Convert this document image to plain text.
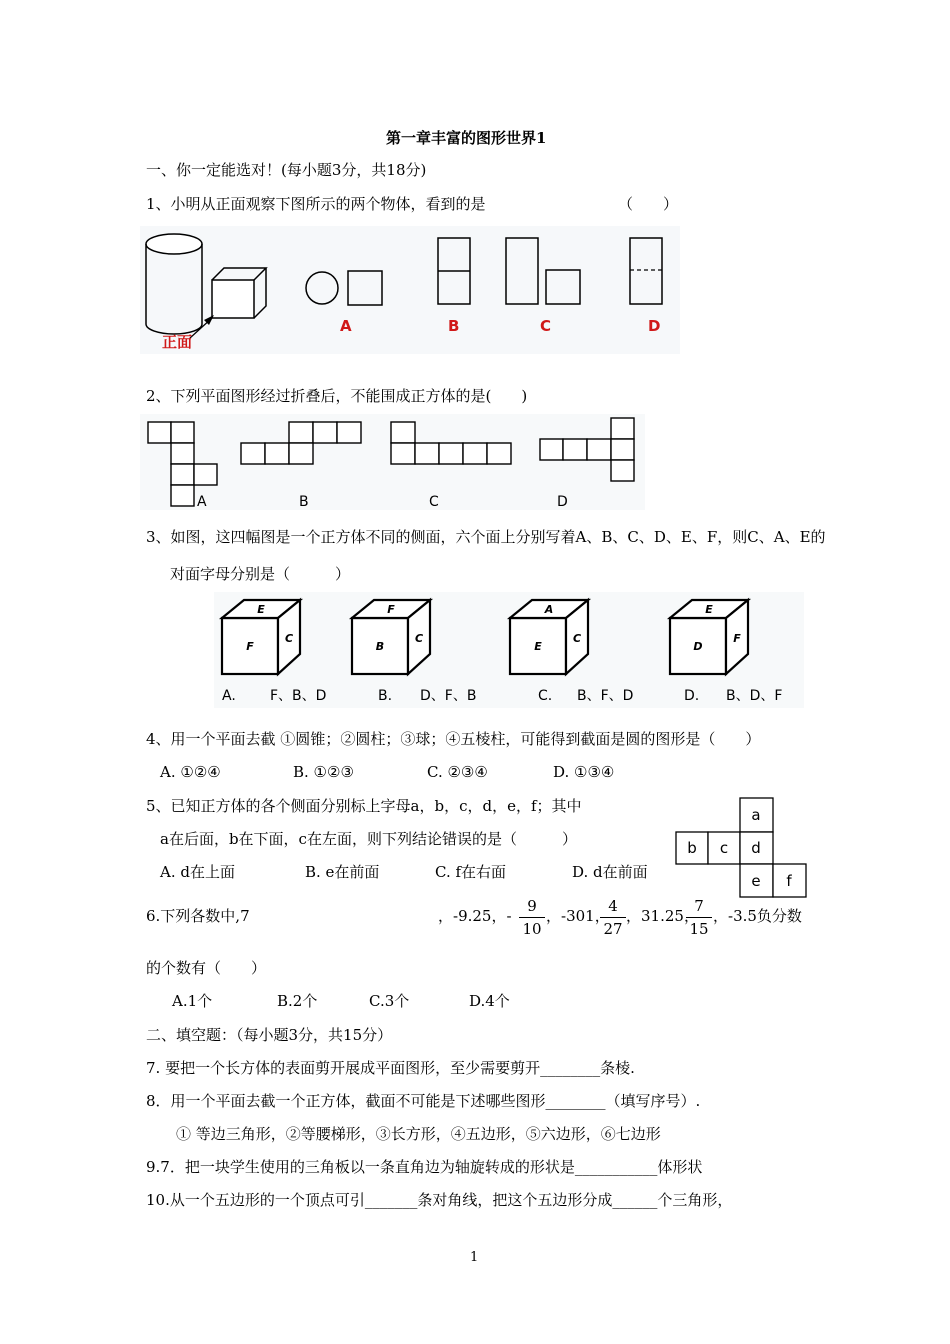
第一章丰富的图形世界1
一、你一定能选对！(每小题3分，共18分)
1、小明从正面观察下图所示的两个物体，看到的是	（　　）
正面
A	B	C	D
2、下列平面图形经过折叠后，不能围成正方体的是(　　)
A	B	C	D
3、如图，这四幅图是一个正方体不同的侧面，六个面上分别写着A、B、C、D、E、F，则C、A、E的
对面字母分别是（　　　）
E
F
C
F
B
C
A
E
C
E
D
F
A. F、B、D	B. D、F、B	C. B、F、D	D. B、D、F
4、用一个平面去截 ①圆锥；②圆柱；③球；④五棱柱，可能得到截面是圆的图形是（　　）
A. ①②④	B. ①②③	C. ②③④	D. ①③④
5、已知正方体的各个侧面分别标上字母a，b，c，d，e，f；其中
a在后面，b在下面，c在左面，则下列结论错误的是（　　　）
A. d在上面	B. e在前面	C. f在右面	D. d在前面
a
b c d
e f
6.下列各数中,7	，-9.25，-
9
10
，-301，
4
27
，31.25，
7
15
，-3.5负分数
的个数有（　　）
A.1个	B.2个	C.3个	D.4个
二、填空题：（每小题3分，共15分）
7. 要把一个长方体的表面剪开展成平面图形，至少需要剪开________条棱.
8．用一个平面去截一个正方体，截面不可能是下述哪些图形________（填写序号）.
① 等边三角形，②等腰梯形，③长方形，④五边形，⑤六边形，⑥七边形
9.7．把一块学生使用的三角板以一条直角边为轴旋转成的形状是___________体形状
10.从一个五边形的一个顶点可引_______条对角线，把这个五边形分成______个三角形，
1
